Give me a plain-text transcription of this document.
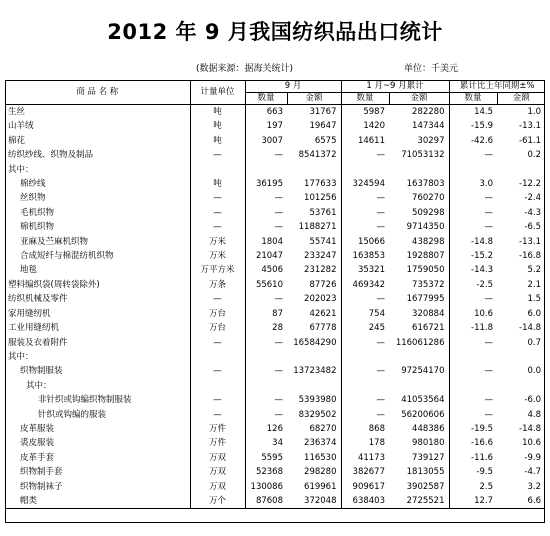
2012 年 9 月我国纺织品出口统计
(数据来源：据海关统计)	单位：千美元
商 品 名 称	计量单位	9 月		1 月~9 月累计		累计比上年同期±%	
		数量	金额	数量	金额	数量	金额
生丝	吨	663	31767	5987	282280	14.5	1.0
山羊绒	吨	197	19647	1420	147344	-15.9	-13.1
棉花	吨	3007	6575	14611	30297	-42.6	-61.1
纺织纱线、织物及制品	—	—	8541372	—	71053132	—	0.2
其中：							
棉纱线	吨	36195	177633	324594	1637803	3.0	-12.2
丝织物	—	—	101256	—	760270	—	-2.4
毛机织物	—	—	53761	—	509298	—	-4.3
棉机织物	—	—	1188271	—	9714350	—	-6.5
亚麻及苎麻机织物	万米	1804	55741	15066	438298	-14.8	-13.1
合成短纤与棉混纺机织物	万米	21047	233247	163853	1928807	-15.2	-16.8
地毯	万平方米	4506	231282	35321	1759050	-14.3	5.2
塑料编织袋(周转袋除外)	万条	55610	87726	469342	735372	-2.5	2.1
纺织机械及零件	—	—	202023	—	1677995	—	1.5
家用缝纫机	万台	87	42621	754	320884	10.6	6.0
工业用缝纫机	万台	28	67778	245	616721	-11.8	-14.8
服装及衣着附件	—	—	16584290	—	116061286	—	0.7
其中：							
织物制服装	—	—	13723482	—	97254170	—	0.0
其中：							
非针织或钩编织物制服装	—	—	5393980	—	41053564	—	-6.0
针织或钩编的服装	—	—	8329502	—	56200606	—	4.8
皮革服装	万件	126	68270	868	448386	-19.5	-14.8
裘皮服装	万件	34	236374	178	980180	-16.6	10.6
皮革手套	万双	5595	116530	41173	739127	-11.6	-9.9
织物制手套	万双	52368	298280	382677	1813055	-9.5	-4.7
织物制袜子	万双	130086	619961	909617	3902587	2.5	3.2
帽类	万个	87608	372048	638403	2725521	12.7	6.6
